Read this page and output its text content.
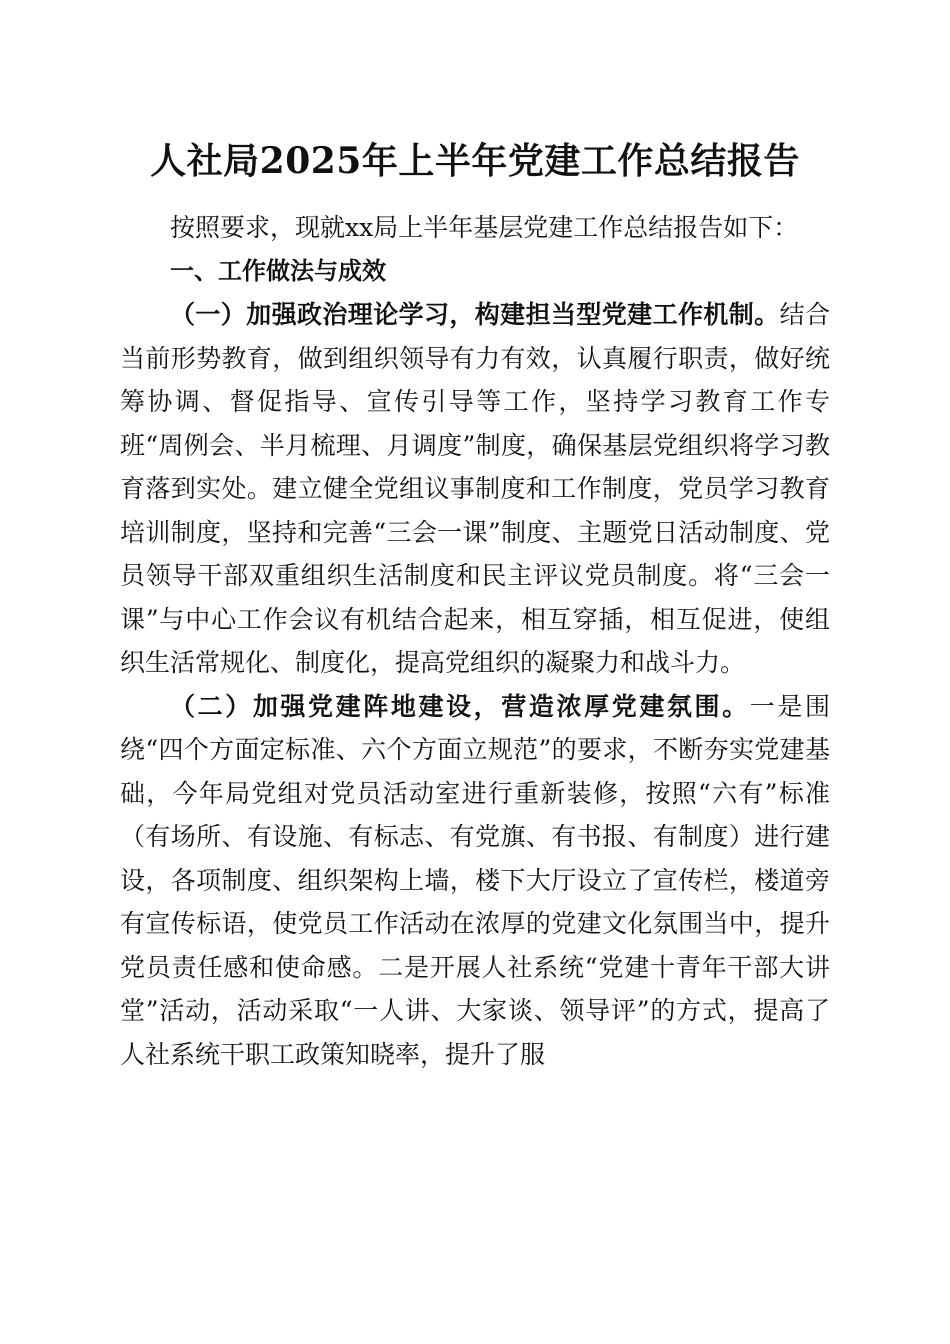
人社局2025年上半年党建工作总结报告

按照要求，现就xx局上半年基层党建工作总结报告如下：

一、工作做法与成效

（一）加强政治理论学习，构建担当型党建工作机制。结合当前形势教育，做到组织领导有力有效，认真履行职责，做好统筹协调、督促指导、宣传引导等工作，坚持学习教育工作专班“周例会、半月梳理、月调度”制度，确保基层党组织将学习教育落到实处。建立健全党组议事制度和工作制度，党员学习教育培训制度，坚持和完善“三会一课”制度、主题党日活动制度、党员领导干部双重组织生活制度和民主评议党员制度。将“三会一课”与中心工作会议有机结合起来，相互穿插，相互促进，使组织生活常规化、制度化，提高党组织的凝聚力和战斗力。

（二）加强党建阵地建设，营造浓厚党建氛围。一是围绕“四个方面定标准、六个方面立规范”的要求，不断夯实党建基础，今年局党组对党员活动室进行重新装修，按照“六有”标准（有场所、有设施、有标志、有党旗、有书报、有制度）进行建设，各项制度、组织架构上墙，楼下大厅设立了宣传栏，楼道旁有宣传标语，使党员工作活动在浓厚的党建文化氛围当中，提升党员责任感和使命感。二是开展人社系统“党建十青年干部大讲堂”活动，活动采取“一人讲、大家谈、领导评”的方式，提高了人社系统干职工政策知晓率，提升了服
